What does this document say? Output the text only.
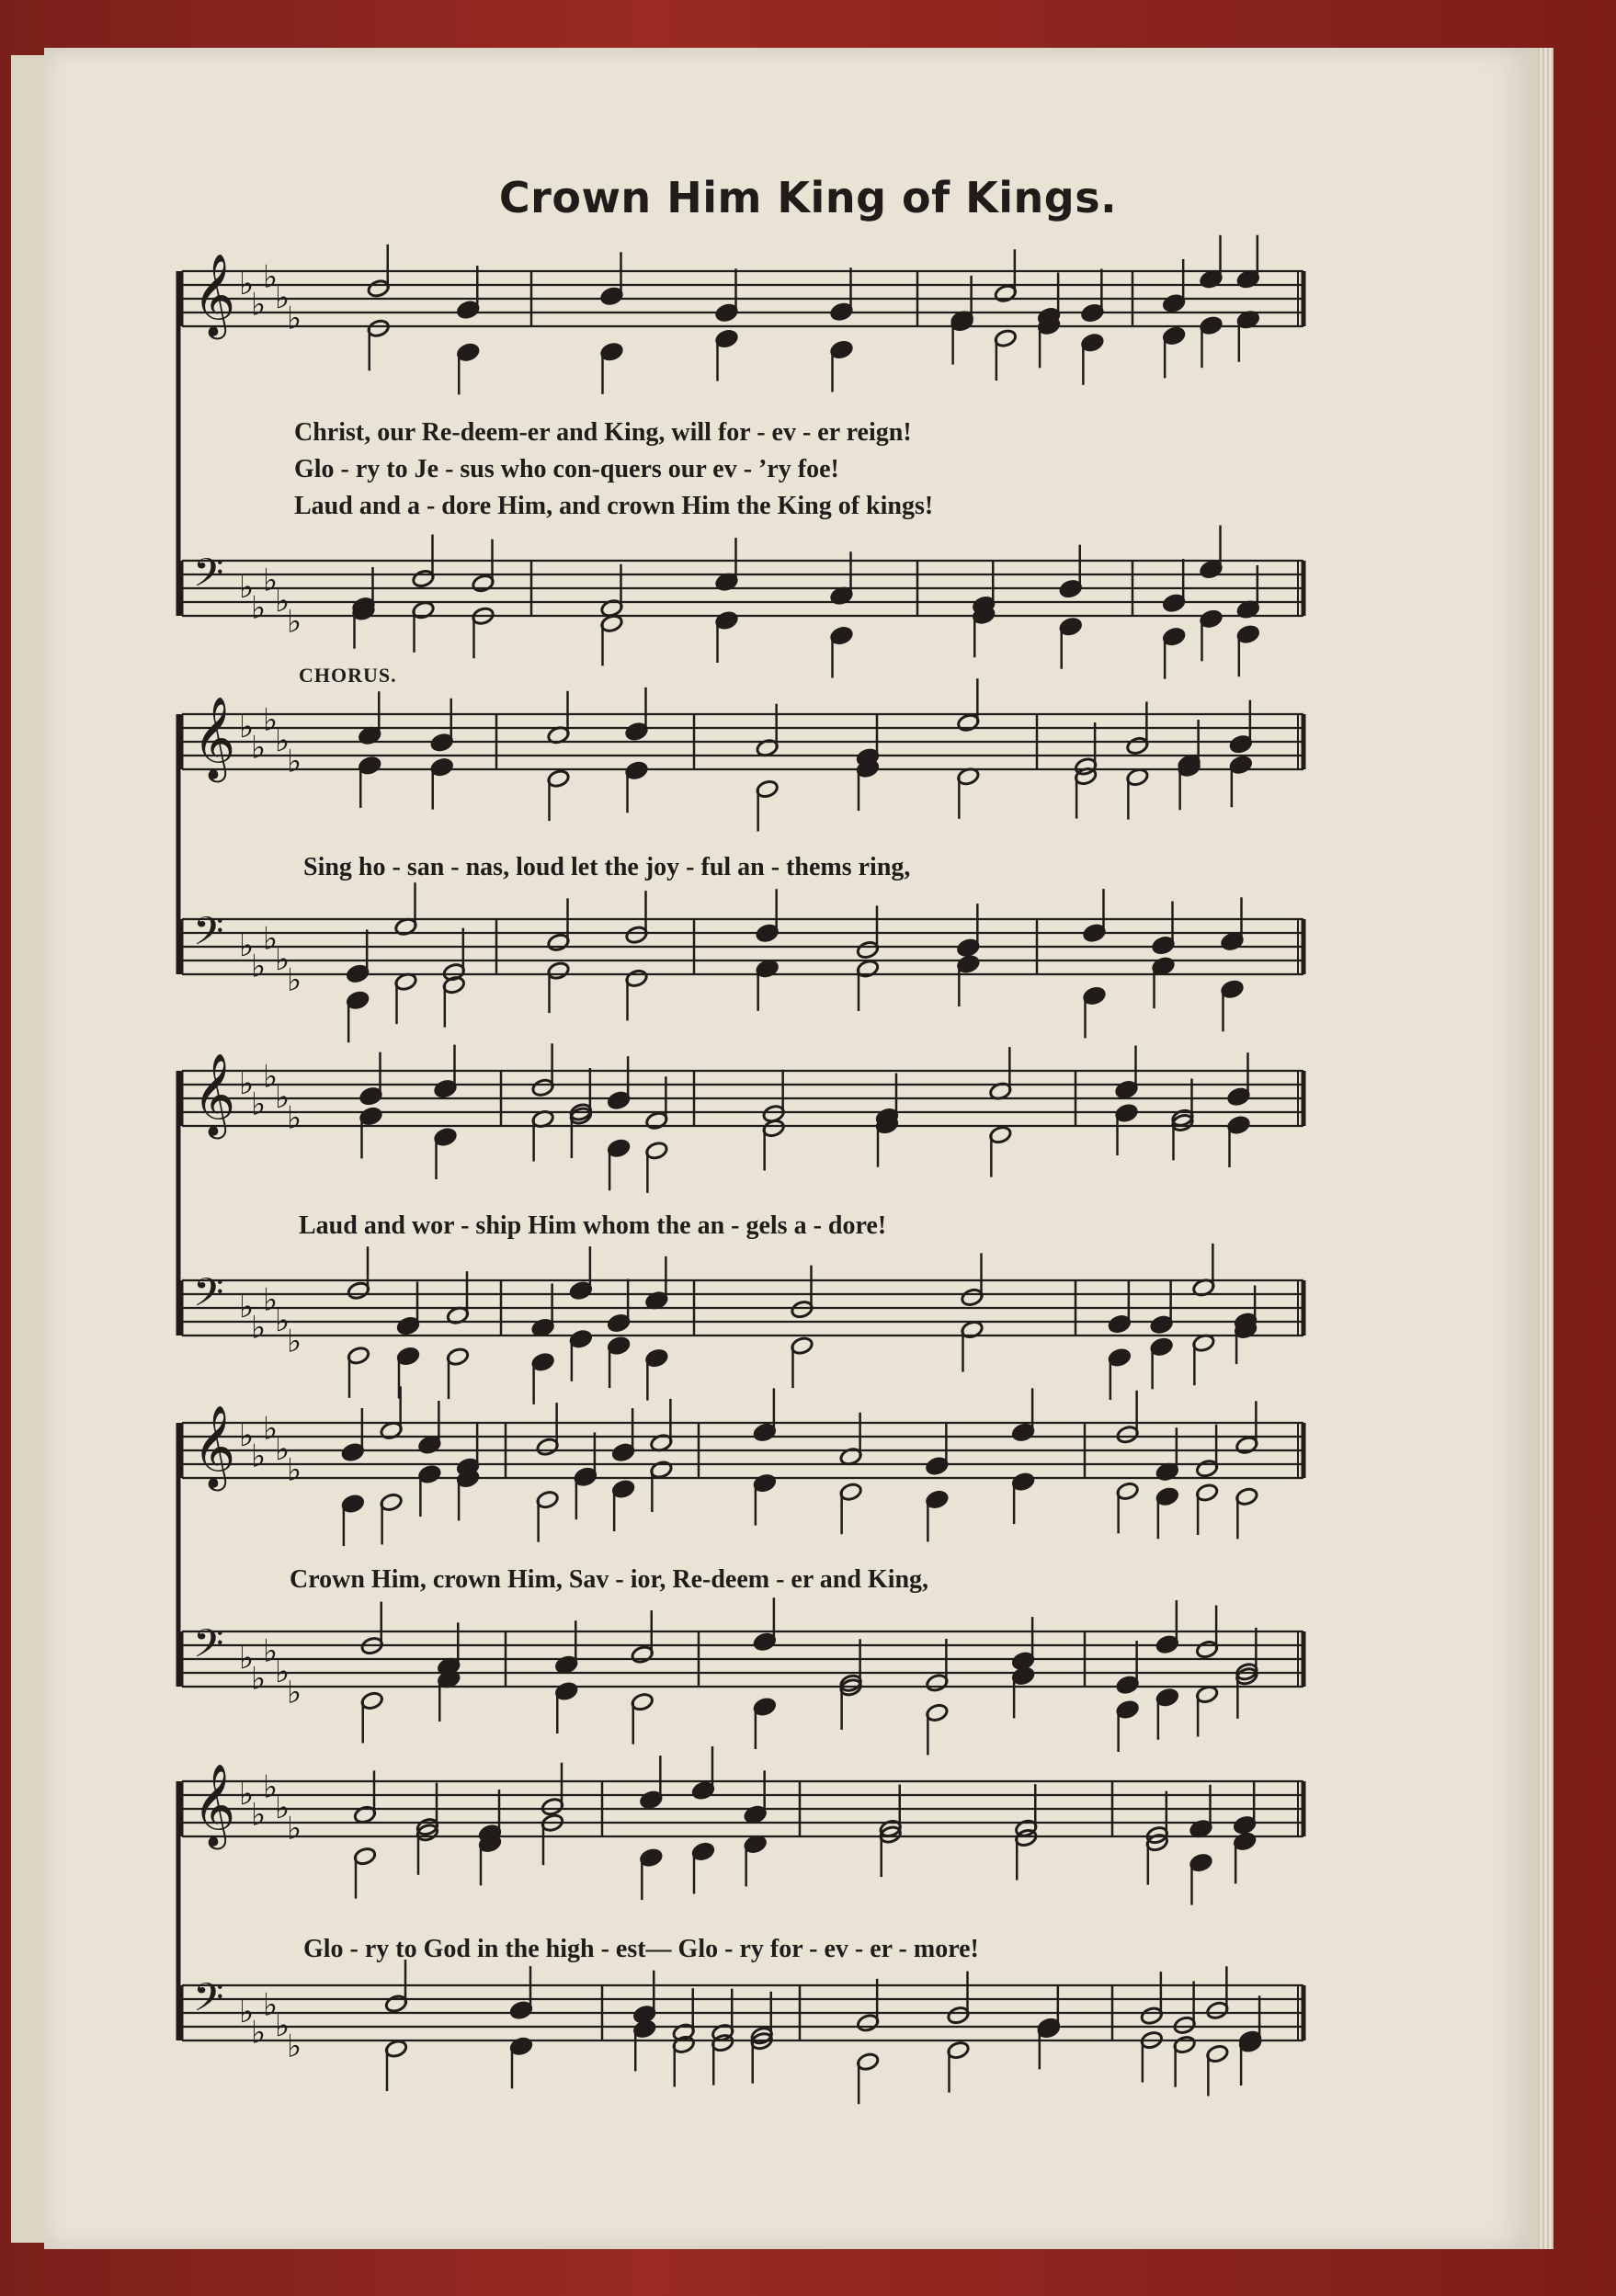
𝄞 ♭
♭
♭
♭
♭
𝄢 ♭
♭
♭
♭
♭
𝄞 ♭
♭
♭
♭
♭
𝄢 ♭
♭
♭
♭
♭
𝄞 ♭
♭
♭
♭
♭
𝄢 ♭
♭
♭
♭
♭
𝄞 ♭
♭
♭
♭
♭
𝄢 ♭
♭
♭
♭
♭
𝄞 ♭
♭
♭
♭
♭
𝄢 ♭
♭
♭
♭
♭
Crown Him King of Kings.
Christ, our Re-deem-er and King, will for - ev - er reign!
Glo - ry to Je - sus who con-quers our ev - ’ry foe!
Laud and a - dore Him, and crown Him the King of kings!
CHORUS.
Sing ho - san - nas, loud let the joy - ful an - thems ring,
Laud and wor - ship Him whom the an - gels a - dore!
Crown Him, crown Him, Sav - ior, Re-deem - er and King,
Glo - ry to God in the high - est— Glo - ry for - ev - er - more!
